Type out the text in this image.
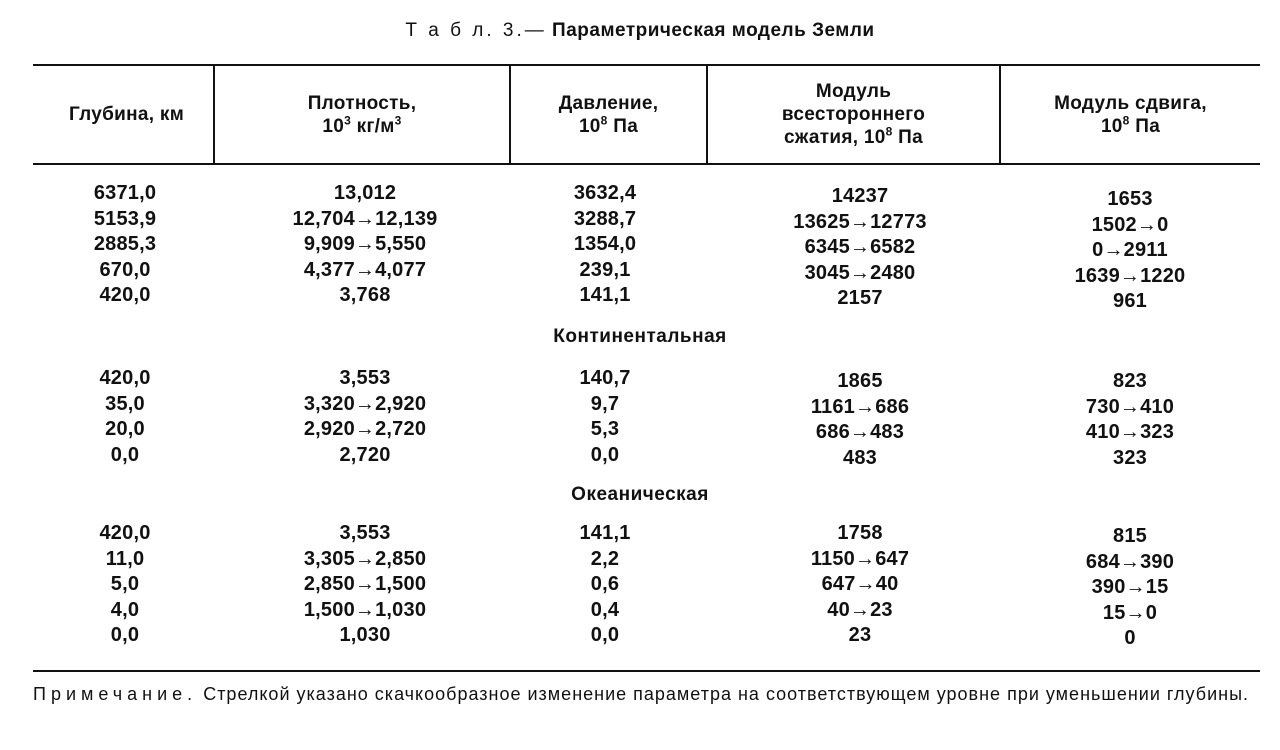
Т а б л. 3.— Параметрическая модель Земли
Глубина, км
Плотность,
$10^3$ $кг/м^3$
Давление,
$10^8$ Па
Модуль
всестороннего
сжатия, $10^8$ Па
Модуль сдвига,
$10^8$ Па
6371,0
5153,9
2885,3
670,0
420,0
13,012
12,704→12,139
9,909→5,550
4,377→4,077
3,768
3632,4
3288,7
1354,0
239,1
141,1
14237
13625→12773
6345→6582
3045→2480
2157
1653
1502→0
0→2911
1639→1220
961
Континентальная
420,0
35,0
20,0
0,0
3,553
3,320→2,920
2,920→2,720
2,720
140,7
9,7
5,3
0,0
1865
1161→686
686→483
483
823
730→410
410→323
323
Океаническая
420,0
11,0
5,0
4,0
0,0
3,553
3,305→2,850
2,850→1,500
1,500→1,030
1,030
141,1
2,2
0,6
0,4
0,0
1758
1150→647
647→40
40→23
23
815
684→390
390→15
15→0
0
Примечание. Стрелкой указано скачкообразное изменение параметра на соответствующем уровне при уменьшении глубины.
